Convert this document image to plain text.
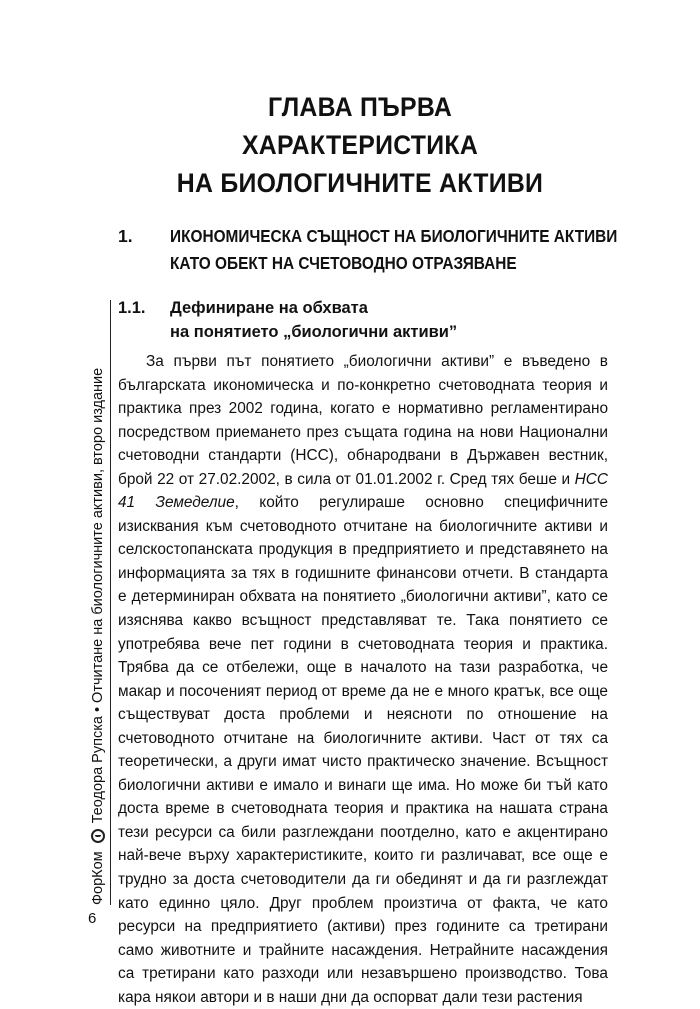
ГЛАВА ПЪРВА
ХАРАКТЕРИСТИКА
НА БИОЛОГИЧНИТЕ АКТИВИ
1. ИКОНОМИЧЕСКА СЪЩНОСТ НА БИОЛОГИЧНИТЕ АКТИВИ
КАТО ОБЕКТ НА СЧЕТОВОДНО ОТРАЗЯВАНЕ
1.1. Дефиниране на обхвата
на понятието „биологични активи”

За първи път понятието „биологични активи” е въведено в българската икономическа и по-конкретно счетоводната теория и практика през 2002 година, когато е нормативно регламентирано посредством приемането през същата година на нови Национални счетоводни стандарти (НСС), обнародвани в Държавен вестник, брой 22 от 27.02.2002, в сила от 01.01.2002 г. Сред тях беше и НСС 41 Земеделие, който регулираше основно специфичните изисквания към счетоводното отчитане на биологичните активи и селскостопанската продукция в предприятието и представянето на информацията за тях в годишните финансови отчети. В стандарта е детерминиран обхвата на понятието „биологични активи”, като се изяснява какво всъщност представляват те. Така понятието се употребява вече пет години в счетоводната теория и практика. Трябва да се отбележи, още в началото на тази разработка, че макар и посоченият период от време да не е много кратък, все още съществуват доста проблеми и неясноти по отношение на счетоводното отчитане на биологичните активи. Част от тях са теоретически, а други имат чисто практическо значение. Всъщност биологични активи е имало и винаги ще има. Но може би тъй като доста време в счетоводната теория и практика на нашата страна тези ресурси са били разглеждани поотделно, като е акцентирано най-вече върху характеристиките, които ги различават, все още е трудно за доста счетоводители да ги обединят и да ги разглеждат като единно цяло. Друг проблем произтича от факта, че като ресурси на предприятието (активи) през годините са третирани само животните и трайните насаждения. Нетрайните насаждения са третирани като разходи или незавършено производство. Това кара някои автори и в наши дни да оспорват дали тези растения

ФорКом
Теодора Рупска • Отчитане на биологичните активи, второ издание
6
